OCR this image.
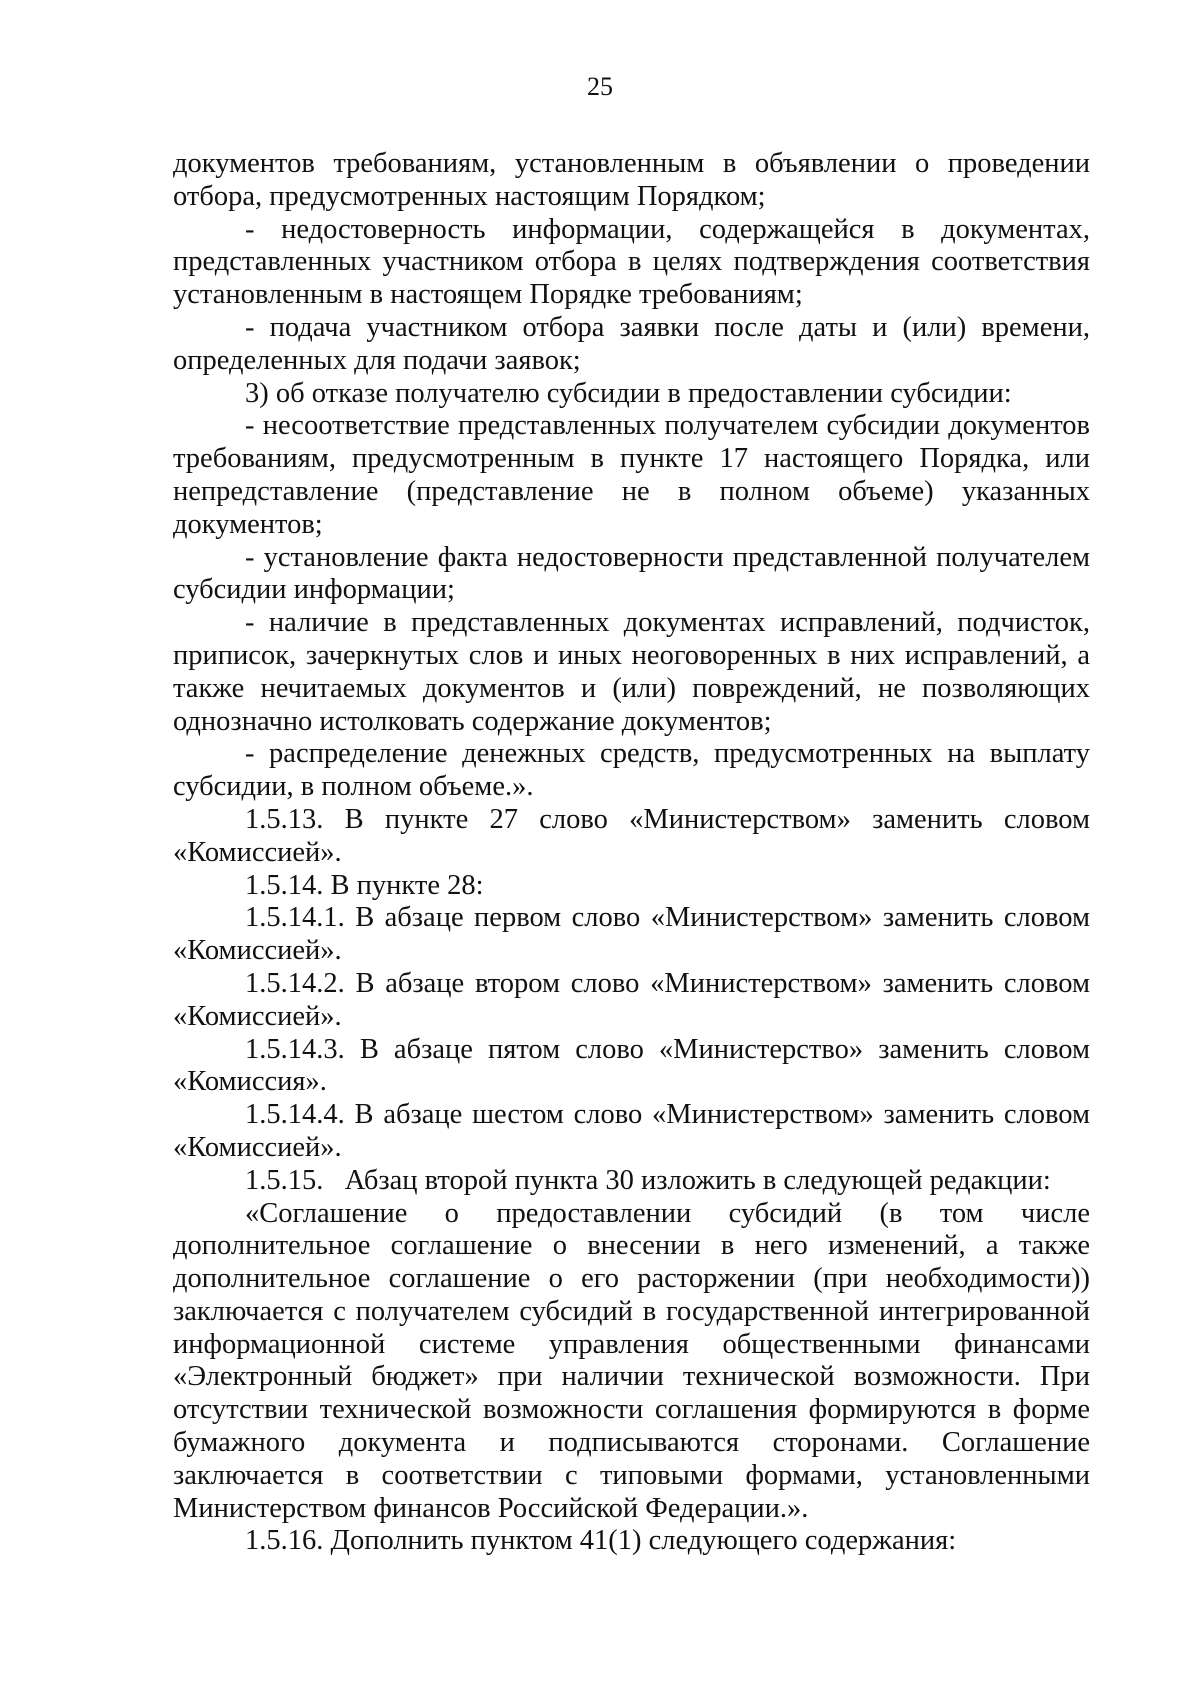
25

документов требованиям, установленным в объявлении о проведении отбора, предусмотренных настоящим Порядком;

- недостоверность информации, содержащейся в документах, представленных участником отбора в целях подтверждения соответствия установленным в настоящем Порядке требованиям;

- подача участником отбора заявки после даты и (или) времени, определенных для подачи заявок;

3) об отказе получателю субсидии в предоставлении субсидии:

- несоответствие представленных получателем субсидии документов требованиям, предусмотренным в пункте 17 настоящего Порядка, или непредставление (представление не в полном объеме) указанных документов;

- установление факта недостоверности представленной получателем субсидии информации;

- наличие в представленных документах исправлений, подчисток, приписок, зачеркнутых слов и иных неоговоренных в них исправлений, а также нечитаемых документов и (или) повреждений, не позволяющих однозначно истолковать содержание документов;

- распределение денежных средств, предусмотренных на выплату субсидии, в полном объеме.».

1.5.13. В пункте 27 слово «Министерством» заменить словом «Комиссией».

1.5.14. В пункте 28:

1.5.14.1. В абзаце первом слово «Министерством» заменить словом «Комиссией».

1.5.14.2. В абзаце втором слово «Министерством» заменить словом «Комиссией».

1.5.14.3. В абзаце пятом слово «Министерство» заменить словом «Комиссия».

1.5.14.4. В абзаце шестом слово «Министерством» заменить словом «Комиссией».

1.5.15.   Абзац второй пункта 30 изложить в следующей редакции:

«Соглашение о предоставлении субсидий (в том числе дополнительное соглашение о внесении в него изменений, а также дополнительное соглашение о его расторжении (при необходимости)) заключается с получателем субсидий в государственной интегрированной информационной системе управления общественными финансами «Электронный бюджет» при наличии технической возможности. При отсутствии технической возможности соглашения формируются в форме бумажного документа и подписываются сторонами. Соглашение заключается в соответствии с типовыми формами, установленными Министерством финансов Российской Федерации.».

1.5.16. Дополнить пунктом 41(1) следующего содержания:
